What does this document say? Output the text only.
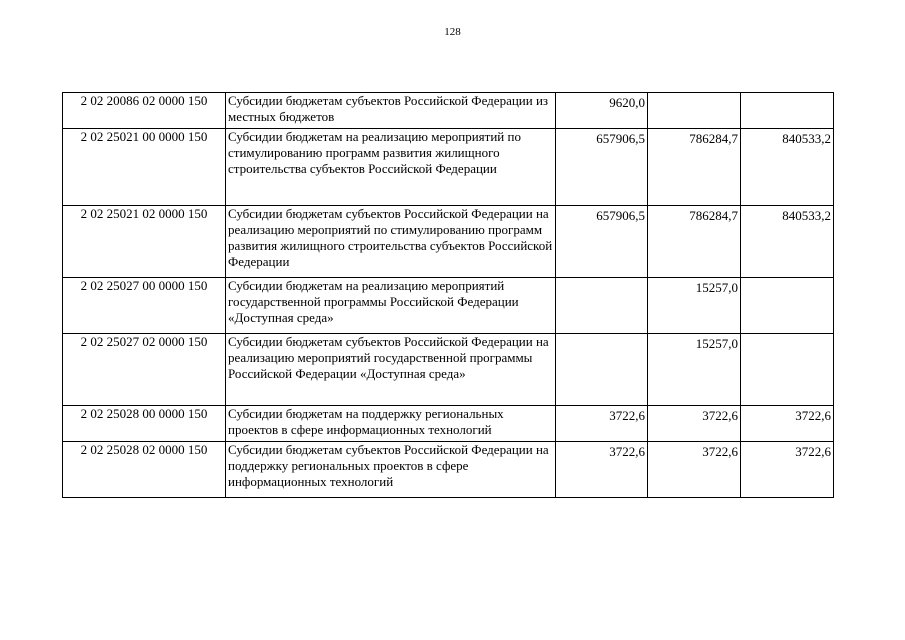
128
2 02 20086 02 0000 150	Субсидии бюджетам субъектов Российской Федерации из местных бюджетов	9620,0		
2 02 25021 00 0000 150	Субсидии бюджетам на реализацию мероприятий по стимулированию программ развития жилищного строительства субъектов Российской Федерации	657906,5	786284,7	840533,2
2 02 25021 02 0000 150	Субсидии бюджетам субъектов Российской Федерации на реализацию мероприятий по стимулированию программ развития жилищного строительства субъектов Российской Федерации	657906,5	786284,7	840533,2
2 02 25027 00 0000 150	Субсидии бюджетам на реализацию мероприятий государственной программы Российской Федерации «Доступная среда»		15257,0	
2 02 25027 02 0000 150	Субсидии бюджетам субъектов Российской Федерации на реализацию мероприятий государственной программы Российской Федерации «Доступная среда»		15257,0	
2 02 25028 00 0000 150	Субсидии бюджетам на поддержку региональных проектов в сфере информационных технологий	3722,6	3722,6	3722,6
2 02 25028 02 0000 150	Субсидии бюджетам субъектов Российской Федерации на поддержку региональных проектов в сфере информационных технологий	3722,6	3722,6	3722,6
